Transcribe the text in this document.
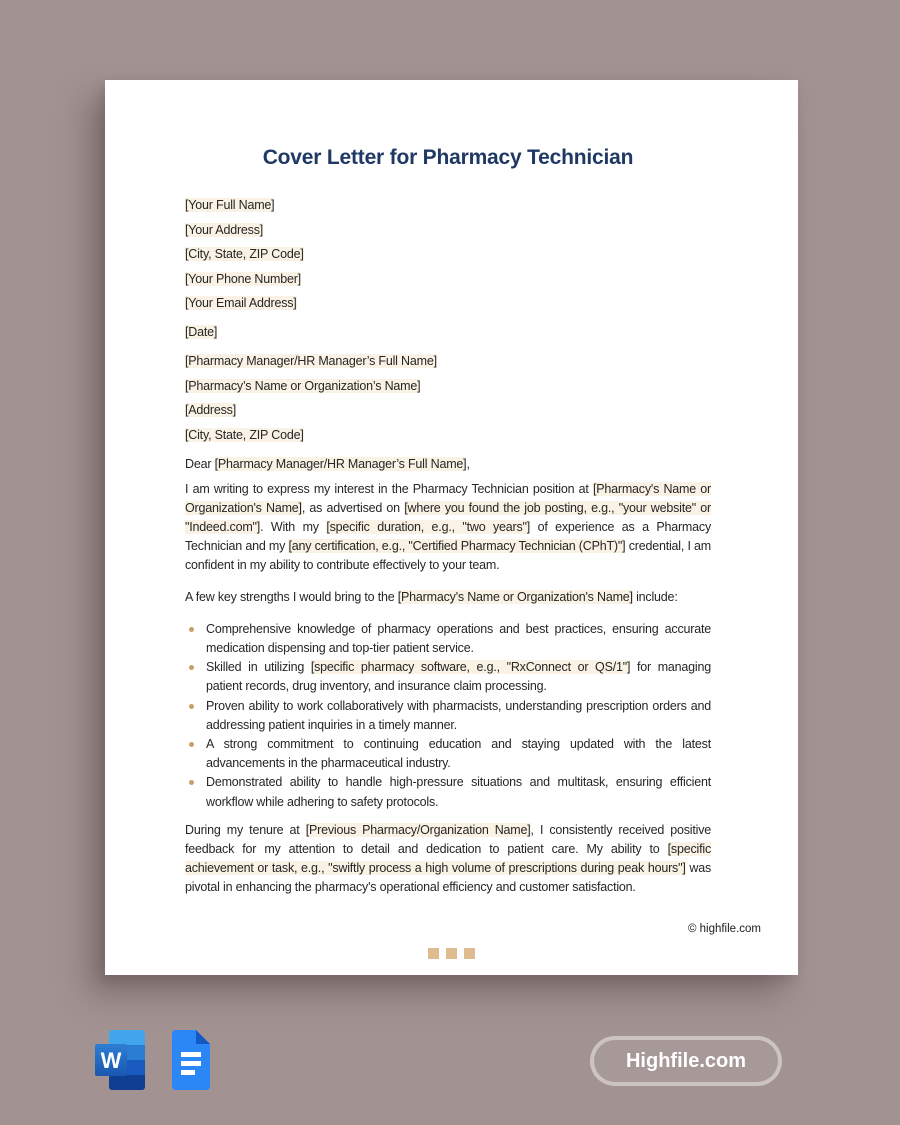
Cover Letter for Pharmacy Technician
[Your Full Name]
[Your Address]
[City, State, ZIP Code]
[Your Phone Number]
[Your Email Address]
[Date]
[Pharmacy Manager/HR Manager’s Full Name]
[Pharmacy’s Name or Organization’s Name]
[Address]
[City, State, ZIP Code]
Dear [Pharmacy Manager/HR Manager’s Full Name],

I am writing to express my interest in the Pharmacy Technician position at [Pharmacy's Name or Organization's Name], as advertised on [where you found the job posting, e.g., "your website" or "Indeed.com"]. With my [specific duration, e.g., "two years"] of experience as a Pharmacy Technician and my [any certification, e.g., "Certified Pharmacy Technician (CPhT)"] credential, I am confident in my ability to contribute effectively to your team.

A few key strengths I would bring to the [Pharmacy's Name or Organization's Name] include:

Comprehensive knowledge of pharmacy operations and best practices, ensuring accurate medication dispensing and top-tier patient service.
Skilled in utilizing [specific pharmacy software, e.g., "RxConnect or QS/1"] for managing patient records, drug inventory, and insurance claim processing.
Proven ability to work collaboratively with pharmacists, understanding prescription orders and addressing patient inquiries in a timely manner.
A strong commitment to continuing education and staying updated with the latest advancements in the pharmaceutical industry.
Demonstrated ability to handle high-pressure situations and multitask, ensuring efficient workflow while adhering to safety protocols.

During my tenure at [Previous Pharmacy/Organization Name], I consistently received positive feedback for my attention to detail and dedication to patient care. My ability to [specific achievement or task, e.g., "swiftly process a high volume of prescriptions during peak hours"] was pivotal in enhancing the pharmacy's operational efficiency and customer satisfaction.

© highfile.com
W	Highfile.com
